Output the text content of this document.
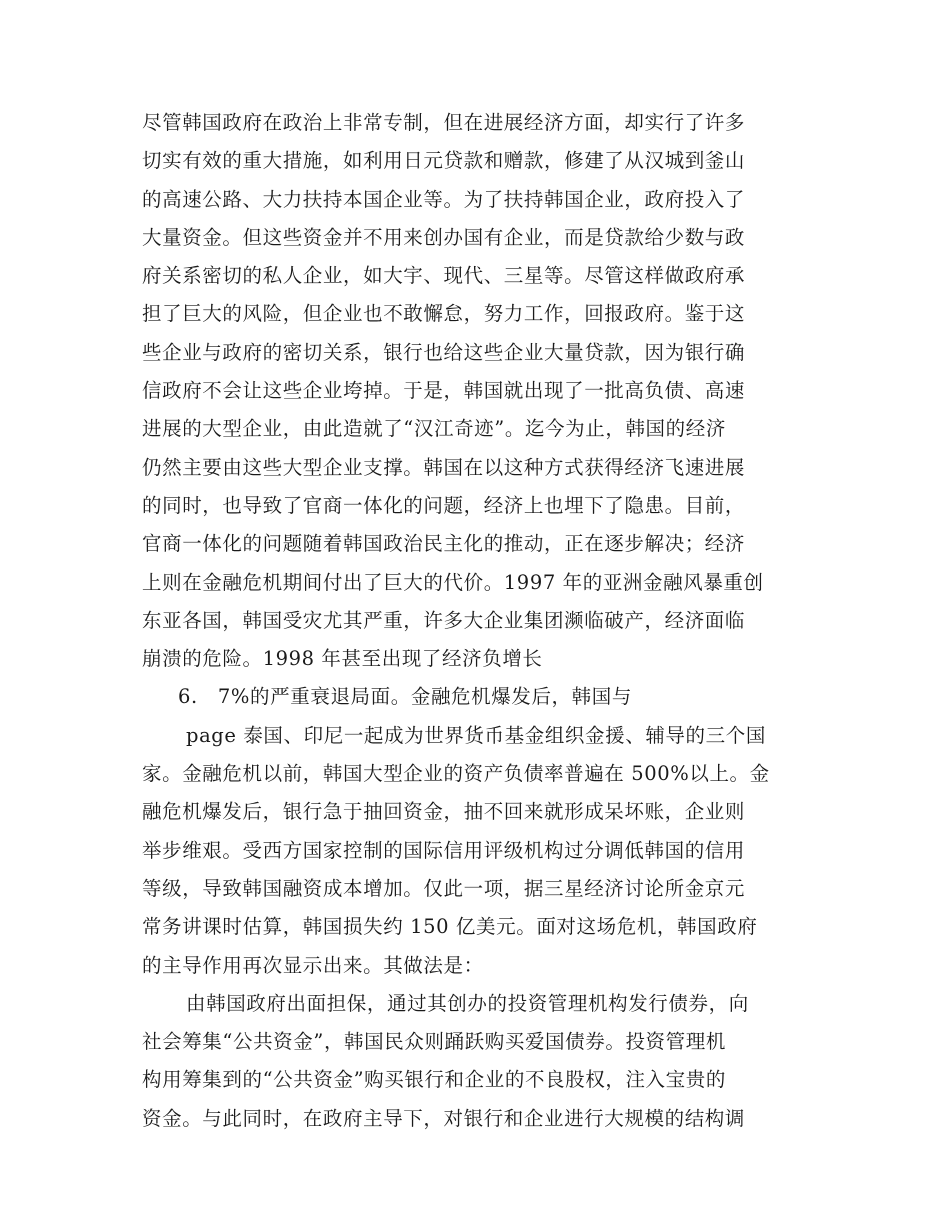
尽管韩国政府在政治上非常专制，但在进展经济方面，却实行了许多
切实有效的重大措施，如利用日元贷款和赠款，修建了从汉城到釜山
的高速公路、大力扶持本国企业等。为了扶持韩国企业，政府投入了
大量资金。但这些资金并不用来创办国有企业，而是贷款给少数与政
府关系密切的私人企业，如大宇、现代、三星等。尽管这样做政府承
担了巨大的风险，但企业也不敢懈怠，努力工作，回报政府。鉴于这
些企业与政府的密切关系，银行也给这些企业大量贷款，因为银行确
信政府不会让这些企业垮掉。于是，韩国就出现了一批高负债、高速
进展的大型企业，由此造就了“汉江奇迹”。迄今为止，韩国的经济
仍然主要由这些大型企业支撑。韩国在以这种方式获得经济飞速进展
的同时，也导致了官商一体化的问题，经济上也埋下了隐患。目前，
官商一体化的问题随着韩国政治民主化的推动，正在逐步解决；经济
上则在金融危机期间付出了巨大的代价。1997 年的亚洲金融风暴重创
东亚各国，韩国受灾尤其严重，许多大企业集团濒临破产，经济面临
崩溃的危险。1998 年甚至出现了经济负增长
6.　7%的严重衰退局面。金融危机爆发后，韩国与
page 泰国、印尼一起成为世界货币基金组织金援、辅导的三个国
家。金融危机以前，韩国大型企业的资产负债率普遍在 500%以上。金
融危机爆发后，银行急于抽回资金，抽不回来就形成呆坏账，企业则
举步维艰。受西方国家控制的国际信用评级机构过分调低韩国的信用
等级，导致韩国融资成本增加。仅此一项，据三星经济讨论所金京元
常务讲课时估算，韩国损失约 150 亿美元。面对这场危机，韩国政府
的主导作用再次显示出来。其做法是：
由韩国政府出面担保，通过其创办的投资管理机构发行债券，向
社会筹集“公共资金”，韩国民众则踊跃购买爱国债券。投资管理机
构用筹集到的“公共资金”购买银行和企业的不良股权，注入宝贵的
资金。与此同时，在政府主导下，对银行和企业进行大规模的结构调
